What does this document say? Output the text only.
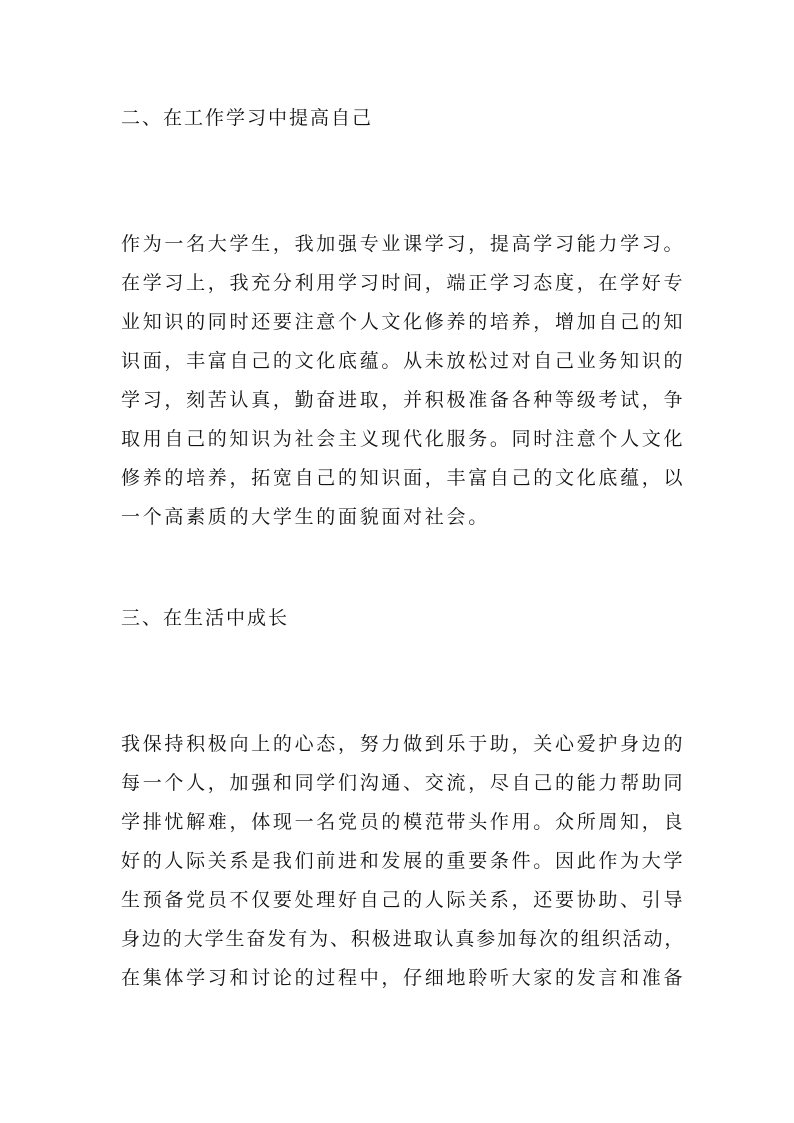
二、在工作学习中提高自己
作为一名大学生，我加强专业课学习，提高学习能力学习。
在学习上，我充分利用学习时间，端正学习态度，在学好专
业知识的同时还要注意个人文化修养的培养，增加自己的知
识面，丰富自己的文化底蕴。从未放松过对自己业务知识的
学习，刻苦认真，勤奋进取，并积极准备各种等级考试，争
取用自己的知识为社会主义现代化服务。同时注意个人文化
修养的培养，拓宽自己的知识面，丰富自己的文化底蕴，以
一个高素质的大学生的面貌面对社会。
三、在生活中成长
我保持积极向上的心态，努力做到乐于助，关心爱护身边的
每一个人，加强和同学们沟通、交流，尽自己的能力帮助同
学排忧解难，体现一名党员的模范带头作用。众所周知，良
好的人际关系是我们前进和发展的重要条件。因此作为大学
生预备党员不仅要处理好自己的人际关系，还要协助、引导
身边的大学生奋发有为、积极进取认真参加每次的组织活动，
在集体学习和讨论的过程中，仔细地聆听大家的发言和准备
